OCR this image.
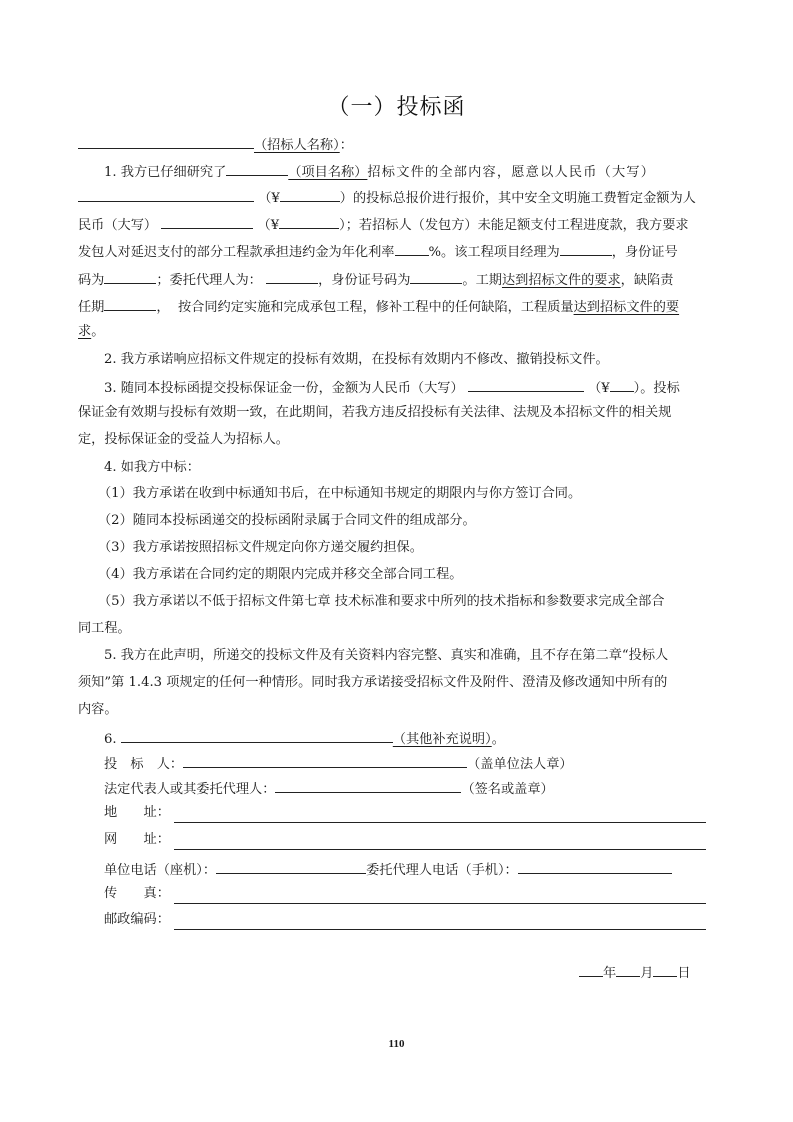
（一）投标函
（招标人名称）：
1. 我方已仔细研究了	（项目名称）招标文件的全部内容，愿意以人民币（大写）
（¥	）的投标总报价进行报价，其中安全文明施工费暂定金额为人
民币（大写）	（¥	）；若招标人（发包方）未能足额支付工程进度款，我方要求
发包人对延迟支付的部分工程款承担违约金为年化利率	%。该工程项目经理为	，身份证号
码为	；委托代理人为：	，身份证号码为	。工期达到招标文件的要求，缺陷责
任期	，  按合同约定实施和完成承包工程，修补工程中的任何缺陷，工程质量达到招标文件的要
求。
2. 我方承诺响应招标文件规定的投标有效期，在投标有效期内不修改、撤销投标文件。
3. 随同本投标函提交投标保证金一份，金额为人民币（大写）	（¥ ）。投标
保证金有效期与投标有效期一致，在此期间，若我方违反招投标有关法律、法规及本招标文件的相关规
定，投标保证金的受益人为招标人。
4. 如我方中标：
（1）我方承诺在收到中标通知书后，在中标通知书规定的期限内与你方签订合同。
（2）随同本投标函递交的投标函附录属于合同文件的组成部分。
（3）我方承诺按照招标文件规定向你方递交履约担保。
（4）我方承诺在合同约定的期限内完成并移交全部合同工程。
（5）我方承诺以不低于招标文件第七章 技术标准和要求中所列的技术指标和参数要求完成全部合
同工程。
5. 我方在此声明，所递交的投标文件及有关资料内容完整、真实和准确，且不存在第二章“投标人
须知”第 1.4.3 项规定的任何一种情形。同时我方承诺接受招标文件及附件、澄清及修改通知中所有的
内容。
6.	（其他补充说明）。
投　标　人：	（盖单位法人章）
法定代表人或其委托代理人：	（签名或盖章）
地　　址：
网　　址：
单位电话（座机）：	委托代理人电话（手机）：
传　　真：
邮政编码：
年 月 日
110
